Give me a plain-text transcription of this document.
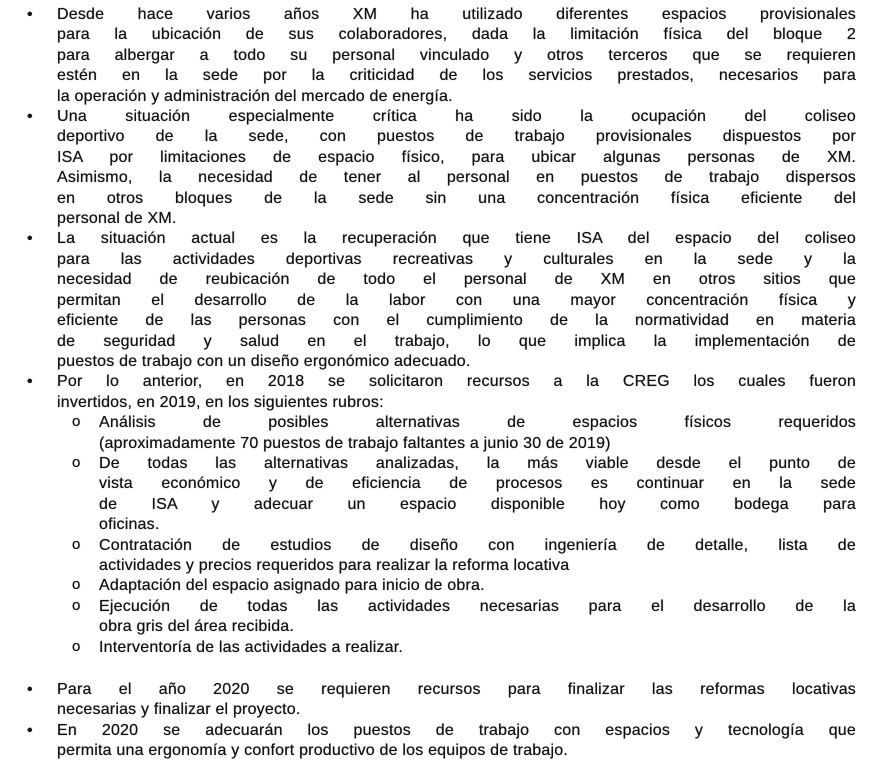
• Desde hace varios años XM ha utilizado diferentes espacios provisionales
para la ubicación de sus colaboradores, dada la limitación física del bloque 2
para albergar a todo su personal vinculado y otros terceros que se requieren
estén en la sede por la criticidad de los servicios prestados, necesarios para
la operación y administración del mercado de energía.
• Una situación especialmente crítica ha sido la ocupación del coliseo
deportivo de la sede, con puestos de trabajo provisionales dispuestos por
ISA por limitaciones de espacio físico, para ubicar algunas personas de XM.
Asimismo, la necesidad de tener al personal en puestos de trabajo dispersos
en otros bloques de la sede sin una concentración física eficiente del
personal de XM.
• La situación actual es la recuperación que tiene ISA del espacio del coliseo
para las actividades deportivas recreativas y culturales en la sede y la
necesidad de reubicación de todo el personal de XM en otros sitios que
permitan el desarrollo de la labor con una mayor concentración física y
eficiente de las personas con el cumplimiento de la normatividad en materia
de seguridad y salud en el trabajo, lo que implica la implementación de
puestos de trabajo con un diseño ergonómico adecuado.
• Por lo anterior, en 2018 se solicitaron recursos a la CREG los cuales fueron
invertidos, en 2019, en los siguientes rubros:
o Análisis de posibles alternativas de espacios físicos requeridos
(aproximadamente 70 puestos de trabajo faltantes a junio 30 de 2019)
o De todas las alternativas analizadas, la más viable desde el punto de
vista económico y de eficiencia de procesos es continuar en la sede
de ISA y adecuar un espacio disponible hoy como bodega para
oficinas.
o Contratación de estudios de diseño con ingeniería de detalle, lista de
actividades y precios requeridos para realizar la reforma locativa
o Adaptación del espacio asignado para inicio de obra.
o Ejecución de todas las actividades necesarias para el desarrollo de la
obra gris del área recibida.
o Interventoría de las actividades a realizar.
• Para el año 2020 se requieren recursos para finalizar las reformas locativas
necesarias y finalizar el proyecto.
• En 2020 se adecuarán los puestos de trabajo con espacios y tecnología que
permita una ergonomía y confort productivo de los equipos de trabajo.
